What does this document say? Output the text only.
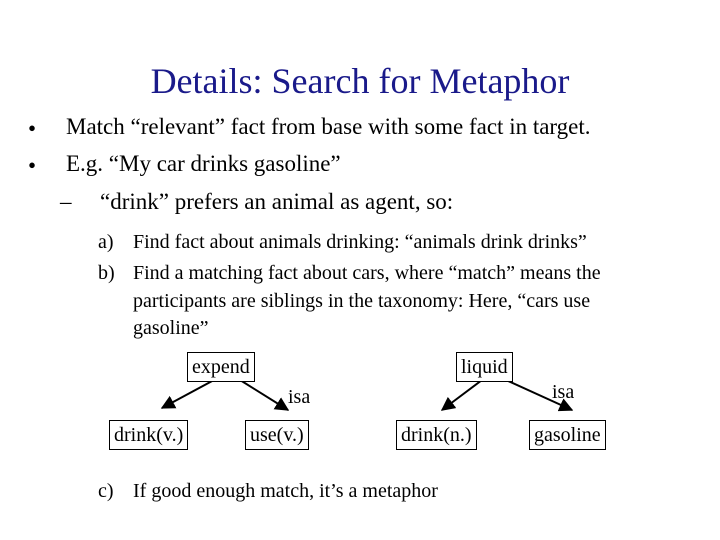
Details: Search for Metaphor
• Match “relevant” fact from base with some fact in target.
• E.g. “My car drinks gasoline”
– “drink” prefers an animal as agent, so:
a) Find fact about animals drinking: “animals drink drinks”
b) Find a matching fact about cars, where “match” means the
participants are siblings in the taxonomy: Here, “cars use
gasoline”
expend	liquid
drink(v.)	use(v.)	drink(n.)	gasoline
isa	isa
c) If good enough match, it’s a metaphor
